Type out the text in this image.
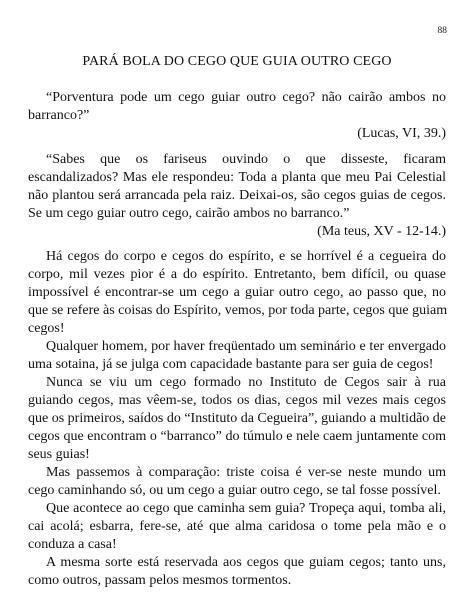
88
PARÁ BOLA DO CEGO QUE GUIA OUTRO CEGO
“Porventura pode um cego guiar outro cego? não cairão ambos no
barranco?”
(Lucas, VI, 39.)
“Sabes que os fariseus ouvindo o que disseste, ficaram
escandalizados? Mas ele respondeu: Toda a planta que meu Pai Celestial
não plantou será arrancada pela raiz. Deixai-os, são cegos guias de cegos.
Se um cego guiar outro cego, cairão ambos no barranco.”
(Ma teus, XV - 12-14.)
Há cegos do corpo e cegos do espírito, e se horrível é a cegueira do
corpo, mil vezes pior é a do espírito. Entretanto, bem difícil, ou quase
impossível é encontrar-se um cego a guiar outro cego, ao passo que, no
que se refere às coisas do Espírito, vemos, por toda parte, cegos que guiam
cegos!
Qualquer homem, por haver freqüentado um seminário e ter envergado
uma sotaina, já se julga com capacidade bastante para ser guia de cegos!
Nunca se viu um cego formado no Instituto de Cegos sair à rua
guiando cegos, mas vêem-se, todos os dias, cegos mil vezes mais cegos
que os primeiros, saídos do “Instituto da Cegueira”, guiando a multidão de
cegos que encontram o “barranco” do túmulo e nele caem juntamente com
seus guias!
Mas passemos à comparação: triste coisa é ver-se neste mundo um
cego caminhando só, ou um cego a guiar outro cego, se tal fosse possível.
Que acontece ao cego que caminha sem guia? Tropeça aqui, tomba ali,
cai acolá; esbarra, fere-se, até que alma caridosa o tome pela mão e o
conduza a casa!
A mesma sorte está reservada aos cegos que guiam cegos; tanto uns,
como outros, passam pelos mesmos tormentos.
